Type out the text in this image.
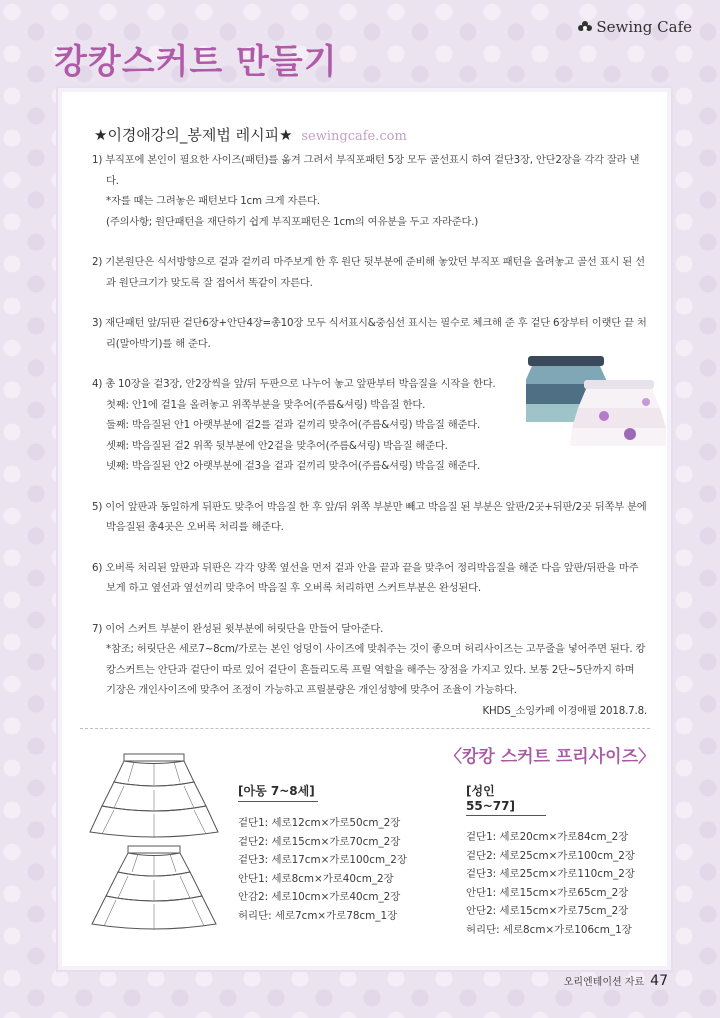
Sewing Cafe
캉캉스커트 만들기
★이경애강의_봉제법 레시피★ sewingcafe.com

1) 부직포에 본인이 필요한 사이즈(패턴)를 옮겨 그려서 부직포패턴 5장 모두 골선표시 하여 겉단3장, 안단2장을 각각 잘라 낸다.

*자를 때는 그려놓은 패턴보다 1cm 크게 자른다.

(주의사항; 원단패턴을 재단하기 쉽게 부직포패턴은 1cm의 여유분을 두고 자라준다.)

2) 기본원단은 식서방향으로 겉과 겉끼리 마주보게 한 후 원단 뒷부분에 준비해 놓았던 부직포 패턴을 올려놓고 골선 표시 된 선과 원단크기가 맞도록 잘 접어서 똑같이 자른다.

3) 재단패턴 앞/뒤판 겉단6장+안단4장=총10장 모두 식서표시&중심선 표시는 필수로 체크해 준 후 겉단 6장부터 이랫단 끝 처리(말아박기)를 해 준다.

4) 총 10장을 겉3장, 안2장씩을 앞/뒤 두판으로 나누어 놓고 앞판부터 박음질을 시작을 한다.

첫째: 안1에 겉1을 올려놓고 위쪽부분을 맞추어(주름&셔링) 박음질 한다.

둘째: 박음질된 안1 아랫부분에 겉2를 겉과 겉끼리 맞추어(주름&셔링) 박음질 해준다.

셋째: 박음질된 겉2 위쪽 뒷부분에 안2겉을 맞추어(주름&셔링) 박음질 해준다.

넷째: 박음질된 안2 아랫부분에 겉3을 겉과 겉끼리 맞추어(주름&셔링) 박음질 해준다.

5) 이어 앞판과 동일하게 뒤판도 맞추어 박음질 한 후 앞/뒤 위쪽 부분만 빼고 박음질 된 부분은 앞판/2곳+뒤판/2곳 뒤쪽부 분에 박음질된 총4곳은 오버록 처리를 해준다.

6) 오버록 처리된 앞판과 뒤판은 각각 양쪽 옆선을 먼저 겉과 안을 끝과 끝을 맞추어 정리박음질을 해준 다음 앞판/뒤판을 마주보게 하고 옆선과 옆선끼리 맞추어 박음질 후 오버록 처리하면 스커트부분은 완성된다.

7) 이어 스커트 부분이 완성된 윗부분에 허릿단을 만들어 달아준다.

*참조; 허릿단은 세로7~8cm/가로는 본인 엉덩이 사이즈에 맞춰주는 것이 좋으며 허리사이즈는 고무줄을 넣어주면 된다. 캉캉스커트는 안단과 겉단이 따로 있어 겉단이 흔들리도록 프릴 역할을 해주는 장점을 가지고 있다. 보통 2단~5단까지 하며 기장은 개인사이즈에 맞추어 조정이 가능하고 프릴분량은 개인성향에 맞추어 조율이 가능하다.

KHDS_소잉카페 이경애필 2018.7.8.

〈캉캉 스커트 프리사이즈〉
[아동 7~8세]
겉단1: 세로12cm×가로50cm_2장
겉단2: 세로15cm×가로70cm_2장
겉단3: 세로17cm×가로100cm_2장
안단1: 세로8cm×가로40cm_2장
안감2: 세로10cm×가로40cm_2장
허리단: 세로7cm×가로78cm_1장
[성인 55~77]
겉단1: 세로20cm×가로84cm_2장
겉단2: 세로25cm×가로100cm_2장
겉단3: 세로25cm×가로110cm_2장
안단1: 세로15cm×가로65cm_2장
안단2: 세로15cm×가로75cm_2장
허리단: 세로8cm×가로106cm_1장
오리엔테이션 자료 47
